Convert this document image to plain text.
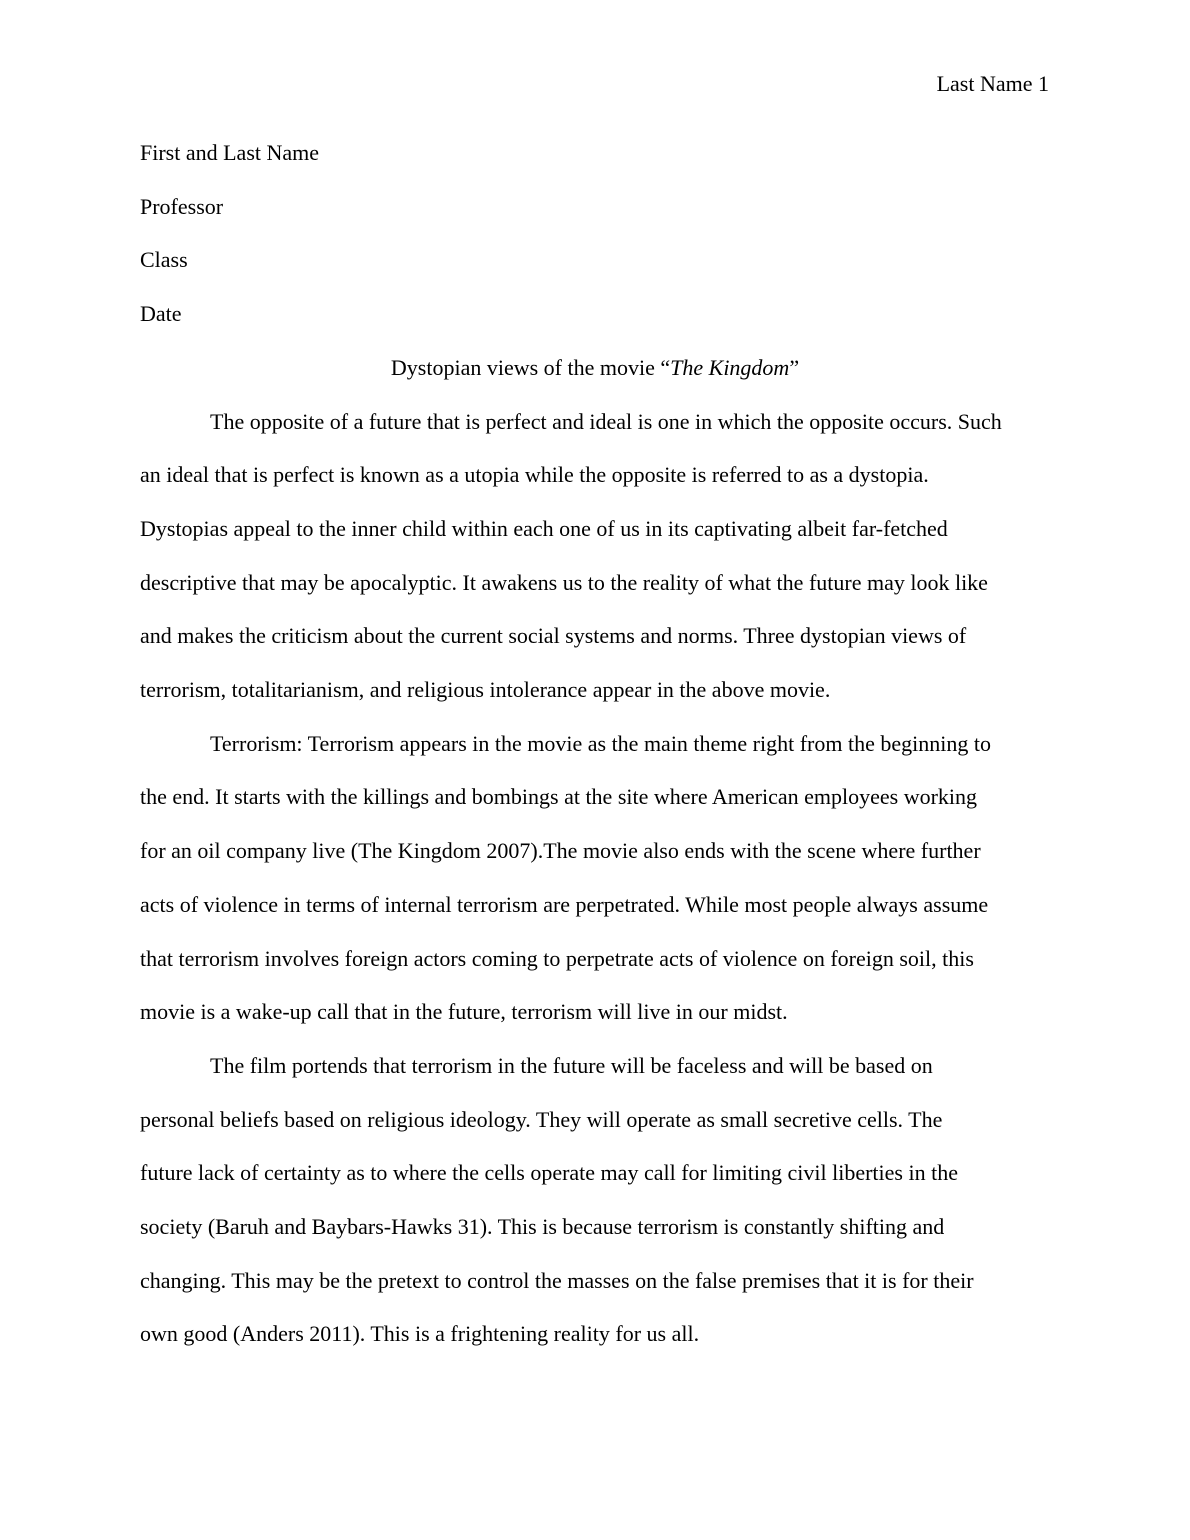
Last Name 1

First and Last Name

Professor

Class

Date

Dystopian views of the movie “The Kingdom”

The opposite of a future that is perfect and ideal is one in which the opposite occurs. Such
an ideal that is perfect is known as a utopia while the opposite is referred to as a dystopia.
Dystopias appeal to the inner child within each one of us in its captivating albeit far-fetched
descriptive that may be apocalyptic. It awakens us to the reality of what the future may look like
and makes the criticism about the current social systems and norms. Three dystopian views of
terrorism, totalitarianism, and religious intolerance appear in the above movie.

Terrorism: Terrorism appears in the movie as the main theme right from the beginning to
the end. It starts with the killings and bombings at the site where American employees working
for an oil company live (The Kingdom 2007).The movie also ends with the scene where further
acts of violence in terms of internal terrorism are perpetrated. While most people always assume
that terrorism involves foreign actors coming to perpetrate acts of violence on foreign soil, this
movie is a wake-up call that in the future, terrorism will live in our midst.

The film portends that terrorism in the future will be faceless and will be based on
personal beliefs based on religious ideology. They will operate as small secretive cells. The
future lack of certainty as to where the cells operate may call for limiting civil liberties in the
society (Baruh and Baybars-Hawks 31). This is because terrorism is constantly shifting and
changing. This may be the pretext to control the masses on the false premises that it is for their
own good (Anders 2011). This is a frightening reality for us all.
